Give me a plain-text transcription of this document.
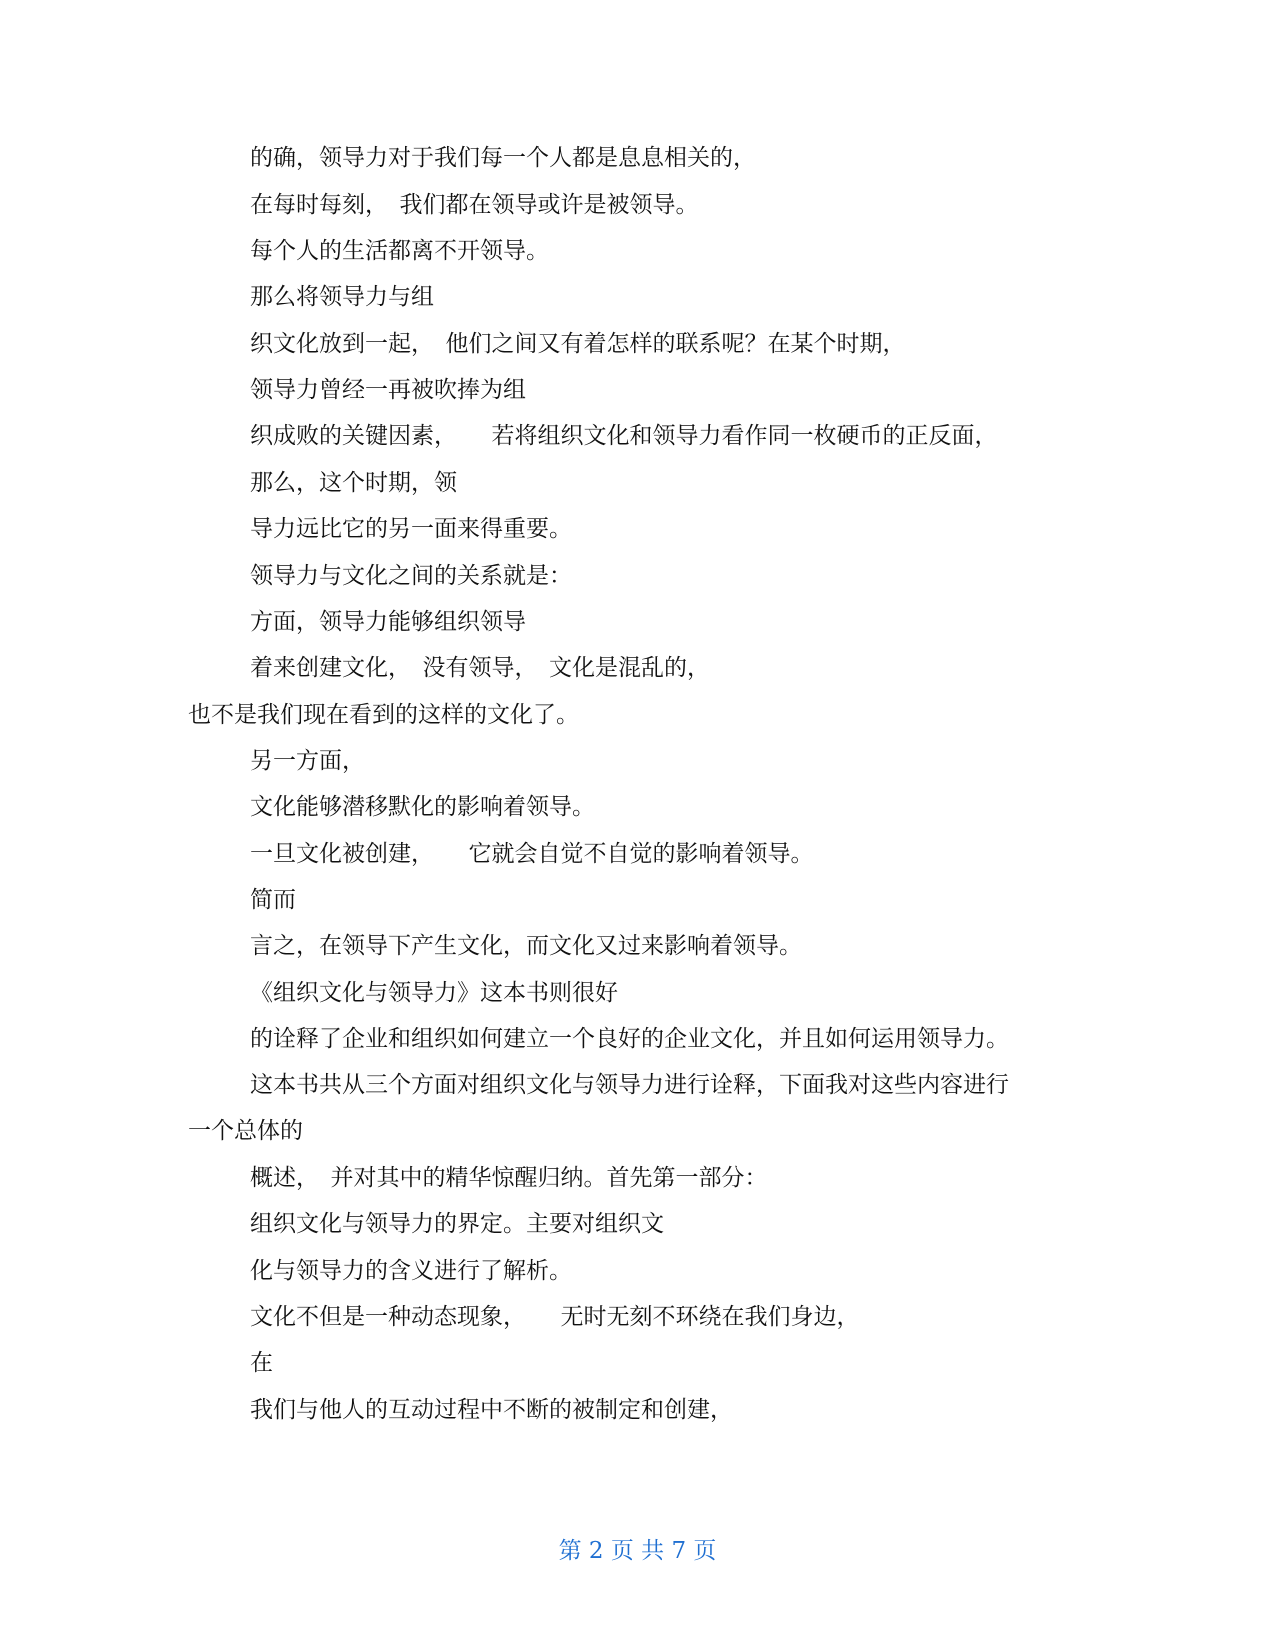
的确，领导力对于我们每一个人都是息息相关的，

在每时每刻，　我们都在领导或许是被领导。

每个人的生活都离不开领导。

那么将领导力与组

织文化放到一起，　他们之间又有着怎样的联系呢？在某个时期，

领导力曾经一再被吹捧为组

织成败的关键因素，　　若将组织文化和领导力看作同一枚硬币的正反面，

那么，这个时期，领

导力远比它的另一面来得重要。

领导力与文化之间的关系就是：

方面，领导力能够组织领导

着来创建文化，　没有领导，　文化是混乱的，

也不是我们现在看到的这样的文化了。

另一方面，

文化能够潜移默化的影响着领导。

一旦文化被创建，　　它就会自觉不自觉的影响着领导。

简而

言之，在领导下产生文化，而文化又过来影响着领导。

《组织文化与领导力》这本书则很好

的诠释了企业和组织如何建立一个良好的企业文化，并且如何运用领导力。

这本书共从三个方面对组织文化与领导力进行诠释，下面我对这些内容进行

一个总体的

概述，　并对其中的精华惊醒归纳。首先第一部分：

组织文化与领导力的界定。主要对组织文

化与领导力的含义进行了解析。

文化不但是一种动态现象，　　无时无刻不环绕在我们身边，

在

我们与他人的互动过程中不断的被制定和创建，

第 2 页 共 7 页
